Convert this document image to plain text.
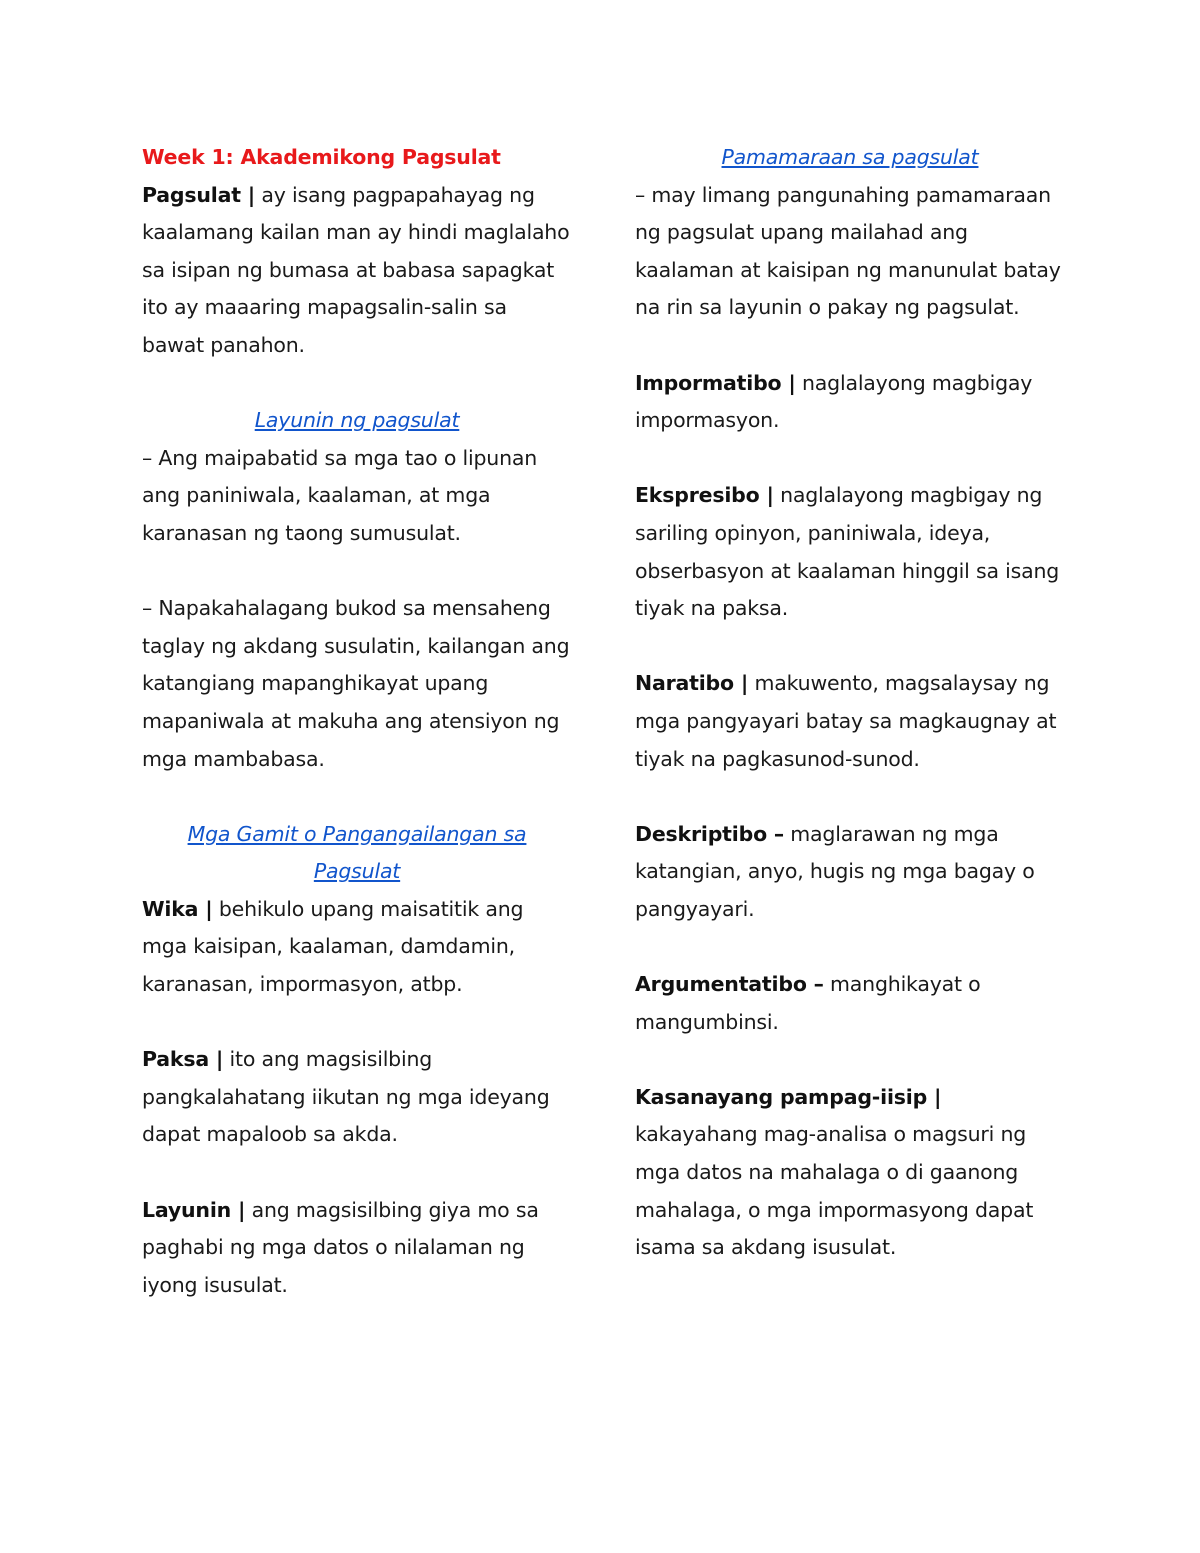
Week 1: Akademikong Pagsulat

Pagsulat | ay isang pagpapahayag ng kaalamang kailan man ay hindi maglalaho sa isipan ng bumasa at babasa sapagkat ito ay maaaring mapagsalin-salin sa bawat panahon.

Layunin ng pagsulat

– Ang maipabatid sa mga tao o lipunan ang paniniwala, kaalaman, at mga karanasan ng taong sumusulat.

– Napakahalagang bukod sa mensaheng taglay ng akdang susulatin, kailangan ang katangiang mapanghikayat upang mapaniwala at makuha ang atensiyon ng mga mambabasa.

Mga Gamit o Pangangailangan sa Pagsulat

Wika | behikulo upang maisatitik ang mga kaisipan, kaalaman, damdamin, karanasan, impormasyon, atbp.

Paksa | ito ang magsisilbing pangkalahatang iikutan ng mga ideyang dapat mapaloob sa akda.

Layunin | ang magsisilbing giya mo sa paghabi ng mga datos o nilalaman ng iyong isusulat.

Pamamaraan sa pagsulat

– may limang pangunahing pamamaraan ng pagsulat upang mailahad ang kaalaman at kaisipan ng manunulat batay na rin sa layunin o pakay ng pagsulat.

Impormatibo | naglalayong magbigay impormasyon.

Ekspresibo | naglalayong magbigay ng sariling opinyon, paniniwala, ideya, obserbasyon at kaalaman hinggil sa isang tiyak na paksa.

Naratibo | makuwento, magsalaysay ng mga pangyayari batay sa magkaugnay at tiyak na pagkasunod-sunod.

Deskriptibo – maglarawan ng mga katangian, anyo, hugis ng mga bagay o pangyayari.

Argumentatibo – manghikayat o mangumbinsi.

Kasanayang pampag-iisip | kakayahang mag-analisa o magsuri ng mga datos na mahalaga o di gaanong mahalaga, o mga impormasyong dapat isama sa akdang isusulat.
